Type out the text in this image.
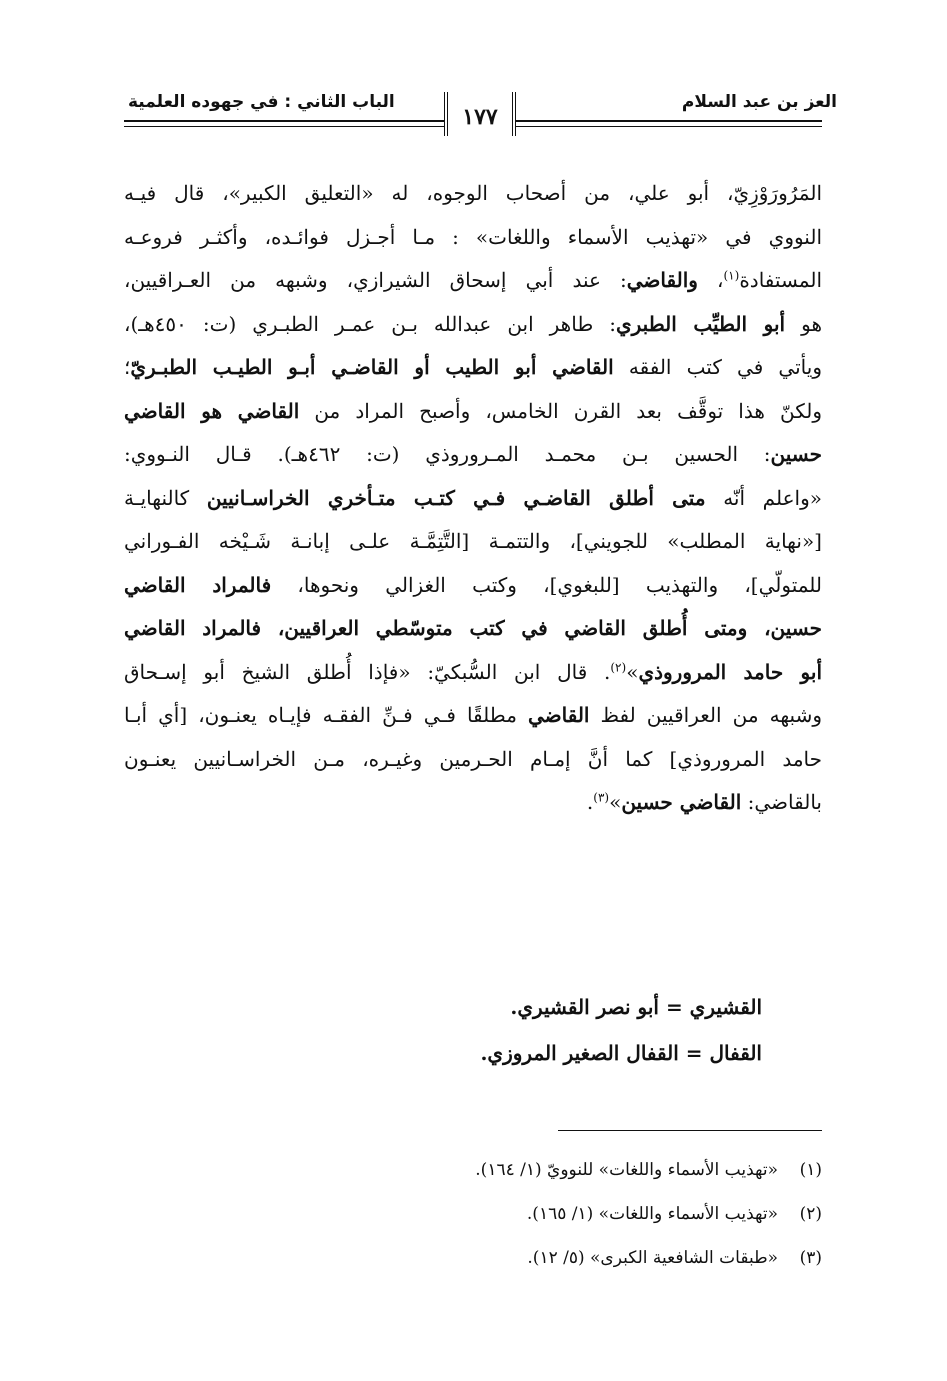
العز بن عبد السلام
الباب الثاني : في جهوده العلمية
١٧٧
المَرُورَوْزِيّ، أبو علي، من أصحاب الوجوه، له «التعليق الكبير»، قال فيـه
النووي في «تهذيب الأسماء واللغات» : مـا أجـزل فوائـده، وأكثـر فروعـه
المستفادة$^{(١)}$، والقاضي: عند أبي إسحاق الشيرازي، وشبهه من العـراقيين،
هو أبو الطيِّب الطبري: طاهر ابن عبدالله بـن عمـر الطبـري (ت: ٤٥٠هـ)،
ويأتي في كتب الفقه القاضي أبو الطيب أو القاضـي أبـو الطيـب الطبـريّ؛
ولكنّ هذا توقَّف بعد القرن الخامس، وأصبح المراد من القاضي هو القاضي
حسين: الحسين بـن محمـد المـروروذي (ت: ٤٦٢هـ). قـال النـووي:
«واعلم أنّه متى أطلق القاضـي فـي كتـب متـأخري الخراسـانيين كالنهايـة
[«نهاية المطلب» للجويني]، والتتمـة [التَّتِمَّـة علـى إبانـة شَـيْخه الفـوراني
للمتولّي]، والتهذيب [للبغوي]، وكتب الغزالي ونحوها، فالمراد القاضي
حسين، ومتى أُطلق القاضي في كتب متوسّطي العراقيين، فالمراد القاضي
أبو حامد المروروذي»$^{(٢)}$. قال ابن السُّبكيّ: «فإذا أُطلق الشيخ أبو إسـحاق
وشبهه من العراقيين لفظ القاضي مطلقًا فـي فـنِّ الفقـه فإيـاه يعنـون، [أي أبـا
حامد المروروذي] كما أنَّ إمـام الحـرمين وغيـره، مـن الخراسـانيين يعنـون
بالقاضي: القاضي حسين»$^{(٣)}$.
القشيري = أبو نصر القشيري.
القفال = القفال الصغير المروزي.
(١)«تهذيب الأسماء واللغات» للنوويّ (١/ ١٦٤).
(٢)«تهذيب الأسماء واللغات» (١/ ١٦٥).
(٣)«طبقات الشافعية الكبرى» (٥/ ١٢).
